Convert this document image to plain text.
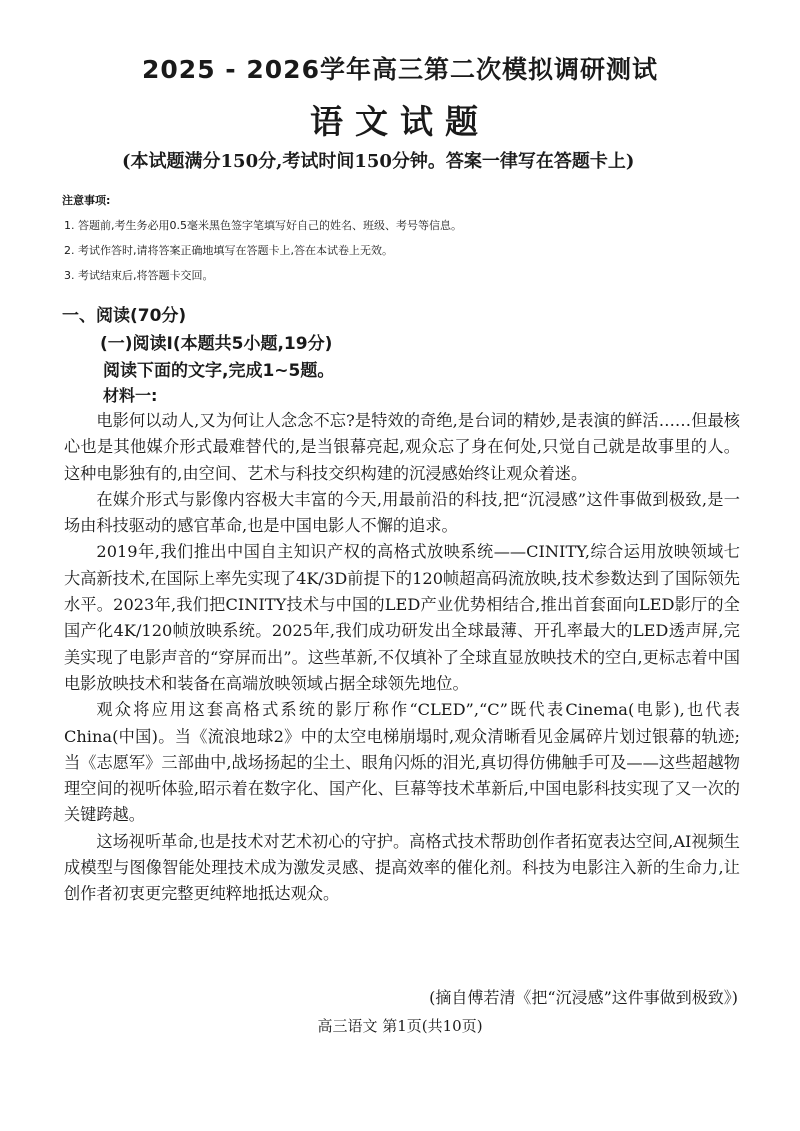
2025 - 2026学年高三第二次模拟调研测试
语文试题
(本试题满分150分,考试时间150分钟。答案一律写在答题卡上)
注意事项:
1. 答题前,考生务必用0.5毫米黑色签字笔填写好自己的姓名、班级、考号等信息。
2. 考试作答时,请将答案正确地填写在答题卡上,答在本试卷上无效。
3. 考试结束后,将答题卡交回。
一、阅读(70分)
(一)阅读Ⅰ(本题共5小题,19分)
阅读下面的文字,完成1~5题。
材料一:

电影何以动人,又为何让人念念不忘?是特效的奇绝,是台词的精妙,是表演的鲜活……但最核心也是其他媒介形式最难替代的,是当银幕亮起,观众忘了身在何处,只觉自己就是故事里的人。这种电影独有的,由空间、艺术与科技交织构建的沉浸感始终让观众着迷。

在媒介形式与影像内容极大丰富的今天,用最前沿的科技,把“沉浸感”这件事做到极致,是一场由科技驱动的感官革命,也是中国电影人不懈的追求。

2019年,我们推出中国自主知识产权的高格式放映系统——CINITY,综合运用放映领域七大高新技术,在国际上率先实现了4K/3D前提下的120帧超高码流放映,技术参数达到了国际领先水平。2023年,我们把CINITY技术与中国的LED产业优势相结合,推出首套面向LED影厅的全国产化4K/120帧放映系统。2025年,我们成功研发出全球最薄、开孔率最大的LED透声屏,完美实现了电影声音的“穿屏而出”。这些革新,不仅填补了全球直显放映技术的空白,更标志着中国电影放映技术和装备在高端放映领域占据全球领先地位。

观众将应用这套高格式系统的影厅称作“CLED”,“C”既代表Cinema(电影),也代表China(中国)。当《流浪地球2》中的太空电梯崩塌时,观众清晰看见金属碎片划过银幕的轨迹;当《志愿军》三部曲中,战场扬起的尘土、眼角闪烁的泪光,真切得仿佛触手可及——这些超越物理空间的视听体验,昭示着在数字化、国产化、巨幕等技术革新后,中国电影科技实现了又一次的关键跨越。

这场视听革命,也是技术对艺术初心的守护。高格式技术帮助创作者拓宽表达空间,AI视频生成模型与图像智能处理技术成为激发灵感、提高效率的催化剂。科技为电影注入新的生命力,让创作者初衷更完整更纯粹地抵达观众。

(摘自傅若清《把“沉浸感”这件事做到极致》)
高三语文 第1页(共10页)
